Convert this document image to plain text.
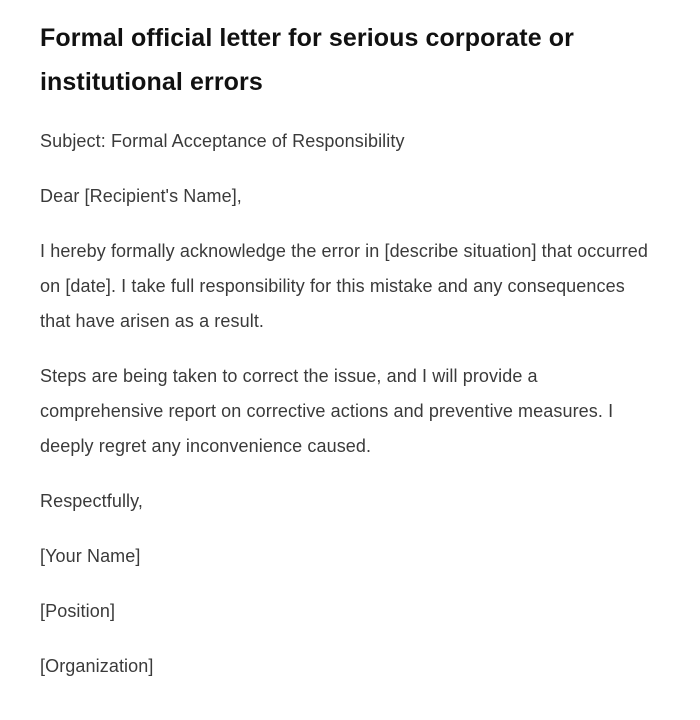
Formal official letter for serious corporate or institutional errors

Subject: Formal Acceptance of Responsibility

Dear [Recipient's Name],

I hereby formally acknowledge the error in [describe situation] that occurred on [date]. I take full responsibility for this mistake and any consequences that have arisen as a result.

Steps are being taken to correct the issue, and I will provide a comprehensive report on corrective actions and preventive measures. I deeply regret any inconvenience caused.

Respectfully,

[Your Name]

[Position]

[Organization]
